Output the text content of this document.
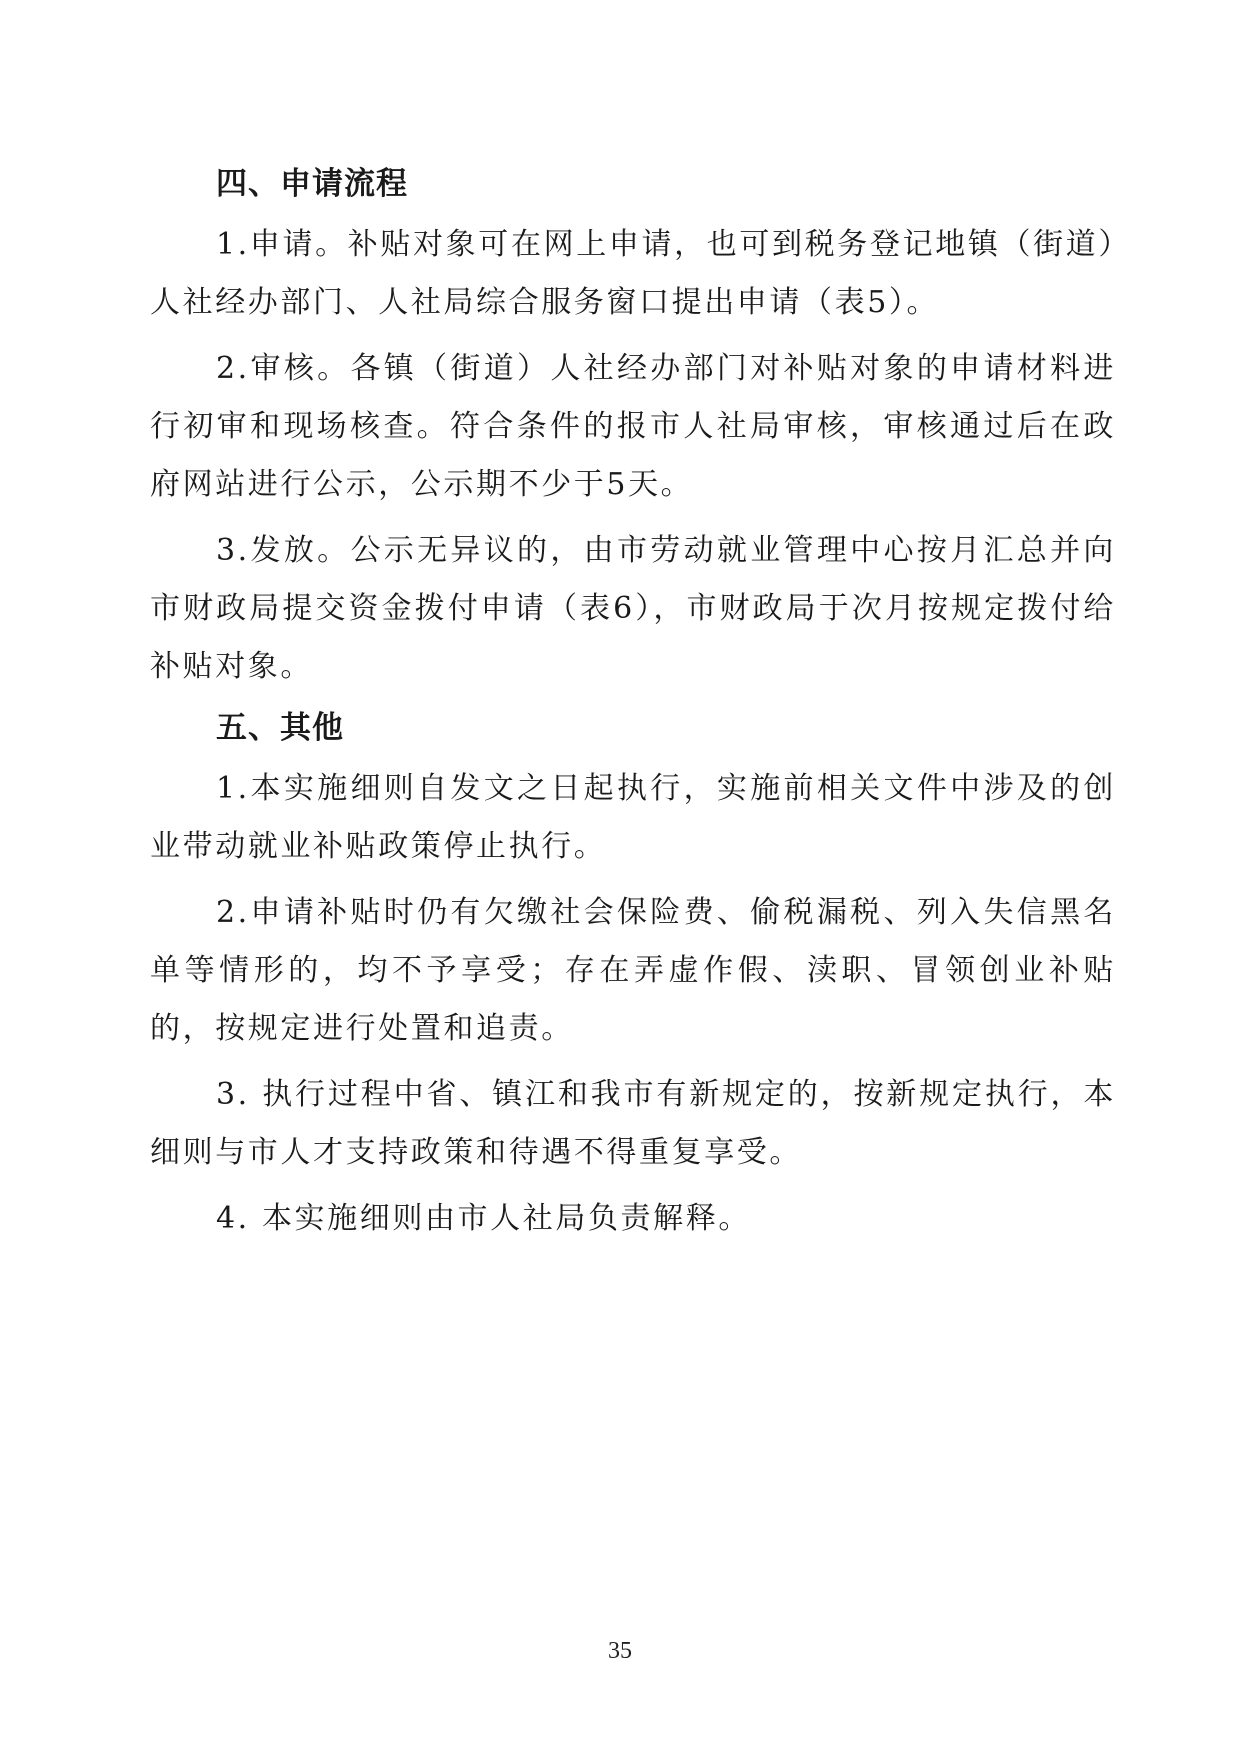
四、申请流程

1.申请。补贴对象可在网上申请，也可到税务登记地镇（街道）人社经办部门、人社局综合服务窗口提出申请（表5）。

2.审核。各镇（街道）人社经办部门对补贴对象的申请材料进行初审和现场核查。符合条件的报市人社局审核，审核通过后在政府网站进行公示，公示期不少于5天。

3.发放。公示无异议的，由市劳动就业管理中心按月汇总并向市财政局提交资金拨付申请（表6），市财政局于次月按规定拨付给补贴对象。

五、其他

1.本实施细则自发文之日起执行，实施前相关文件中涉及的创业带动就业补贴政策停止执行。

2.申请补贴时仍有欠缴社会保险费、偷税漏税、列入失信黑名单等情形的，均不予享受；存在弄虚作假、渎职、冒领创业补贴的，按规定进行处置和追责。

3. 执行过程中省、镇江和我市有新规定的，按新规定执行，本细则与市人才支持政策和待遇不得重复享受。

4. 本实施细则由市人社局负责解释。

35
